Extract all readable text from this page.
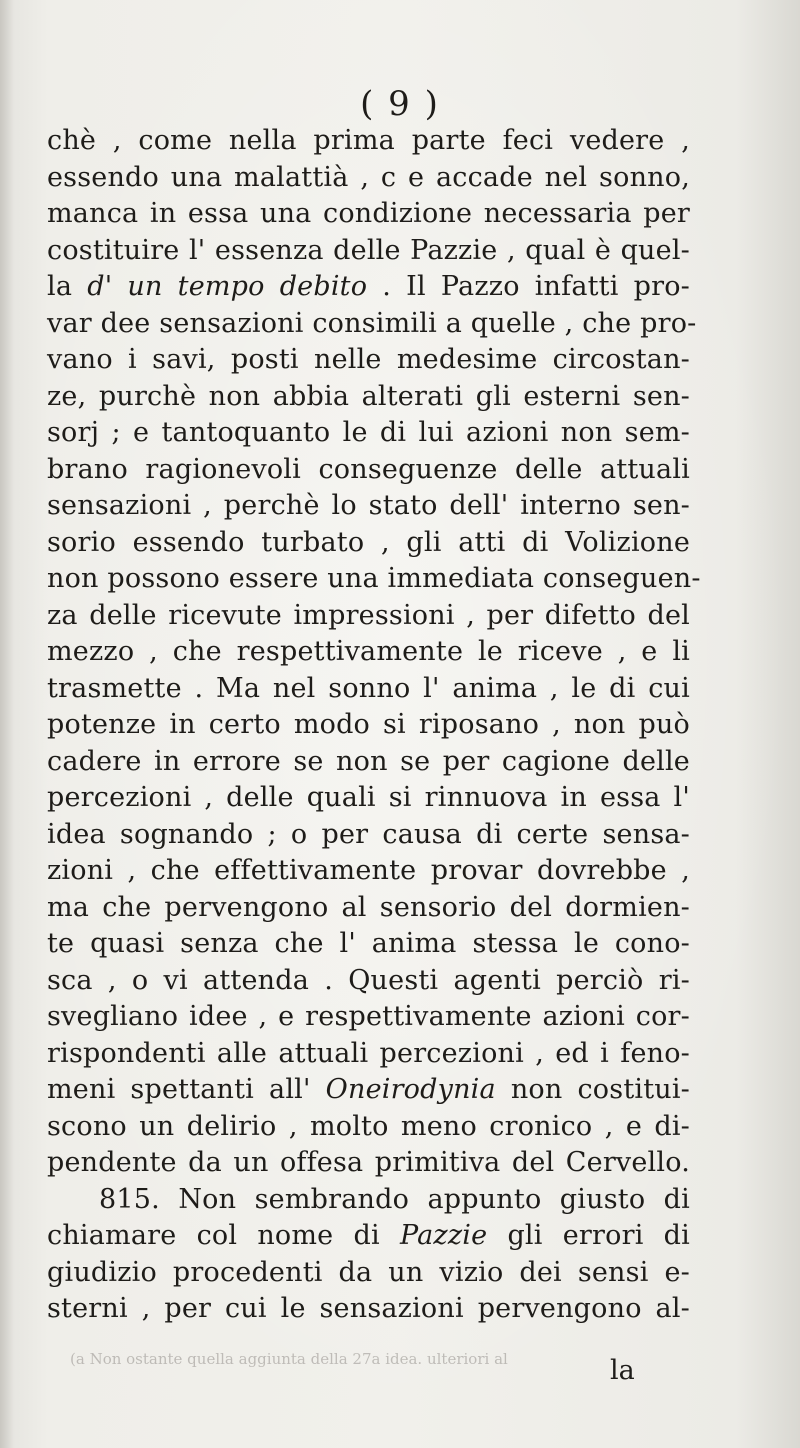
( 9 )
chè , come nella prima parte feci vedere ,
essendo una malattià , c e accade nel sonno,
manca in essa una condizione necessaria per
costituire l' essenza delle Pazzie , qual è quel-
la d' un tempo debito . Il Pazzo infatti pro-
var dee sensazioni consimili a quelle , che pro-
vano i savi, posti nelle medesime circostan-
ze, purchè non abbia alterati gli esterni sen-
sorj ; e tantoquanto le di lui azioni non sem-
brano ragionevoli conseguenze delle attuali
sensazioni , perchè lo stato dell' interno sen-
sorio essendo turbato , gli atti di Volizione
non possono essere una immediata conseguen-
za delle ricevute impressioni , per difetto del
mezzo , che respettivamente le riceve , e li
trasmette . Ma nel sonno l' anima , le di cui
potenze in certo modo si riposano , non può
cadere in errore se non se per cagione delle
percezioni , delle quali si rinnuova in essa l'
idea sognando ; o per causa di certe sensa-
zioni , che effettivamente provar dovrebbe ,
ma che pervengono al sensorio del dormien-
te quasi senza che l' anima stessa le cono-
sca , o vi attenda . Questi agenti perciò ri-
svegliano idee , e respettivamente azioni cor-
rispondenti alle attuali percezioni , ed i feno-
meni spettanti all' Oneirodynia non costitui-
scono un delirio , molto meno cronico , e di-
pendente da un offesa primitiva del Cervello.
815. Non sembrando appunto giusto di
chiamare col nome di Pazzie gli errori di
giudizio procedenti da un vizio dei sensi e-
sterni , per cui le sensazioni pervengono al-
(a Non ostante quella aggiunta della 27a idea. ulteriori al	la
